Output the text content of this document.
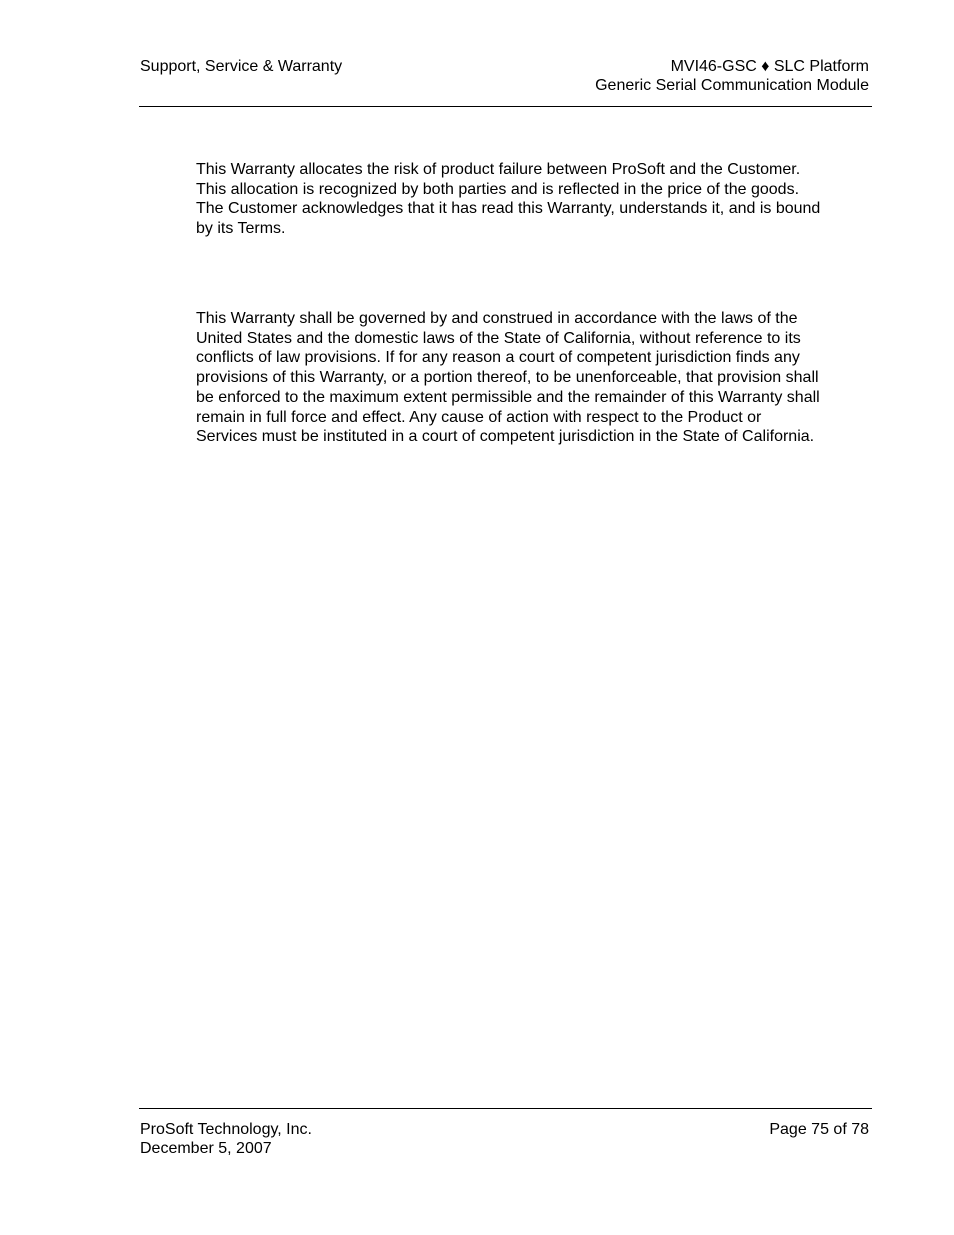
Support, Service & Warranty	MVI46-GSC ♦ SLC Platform
Generic Serial Communication Module

This Warranty allocates the risk of product failure between ProSoft and the Customer. This allocation is recognized by both parties and is reflected in the price of the goods. The Customer acknowledges that it has read this Warranty, understands it, and is bound by its Terms.

This Warranty shall be governed by and construed in accordance with the laws of the United States and the domestic laws of the State of California, without reference to its conflicts of law provisions. If for any reason a court of competent jurisdiction finds any provisions of this Warranty, or a portion thereof, to be unenforceable, that provision shall be enforced to the maximum extent permissible and the remainder of this Warranty shall remain in full force and effect. Any cause of action with respect to the Product or Services must be instituted in a court of competent jurisdiction in the State of California.

ProSoft Technology, Inc.
December 5, 2007
Page 75 of 78
